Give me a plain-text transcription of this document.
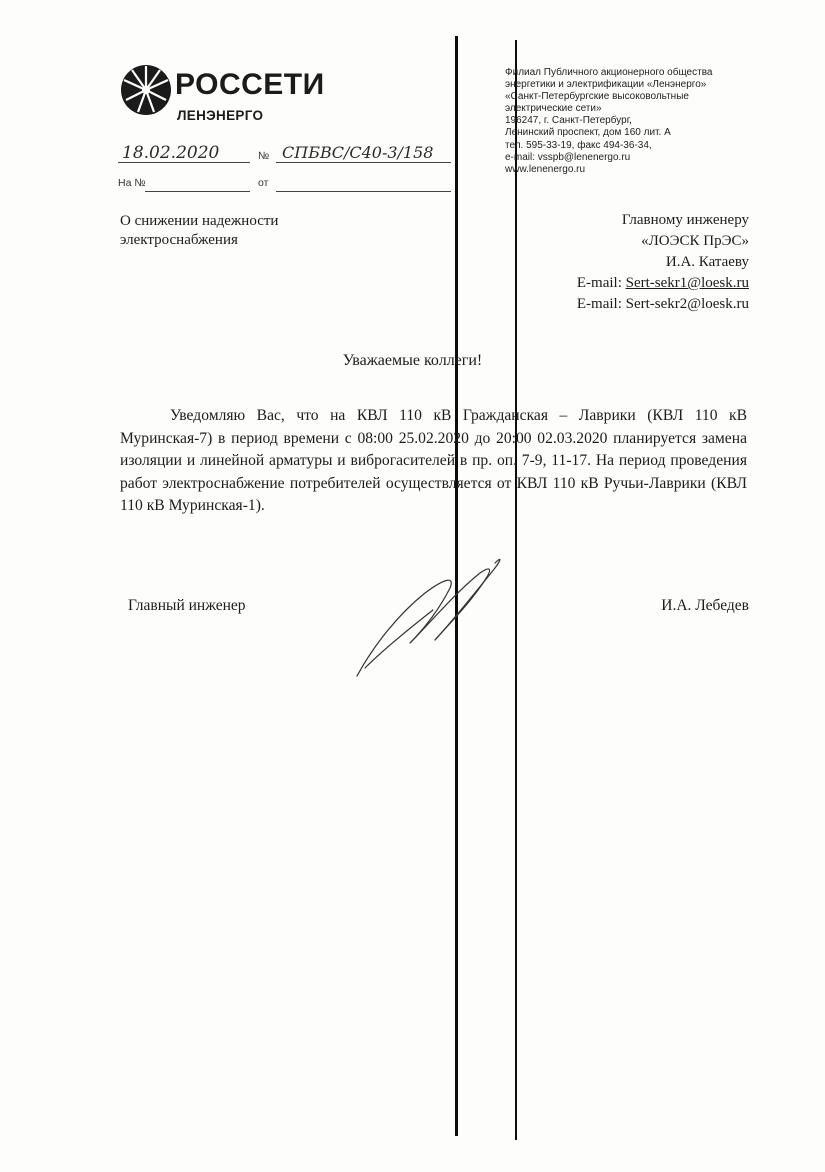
РОССЕТИ
ЛЕНЭНЕРГО
Филиал Публичного акционерного общества
энергетики и электрификации «Ленэнерго»
«Санкт-Петербургские высоковольтные
электрические сети»
196247, г. Санкт-Петербург,
Ленинский проспект, дом 160 лит. А
тел. 595-33-19, факс 494-36-34,
e-mail: vsspb@lenenergo.ru
www.lenenergo.ru
18.02.2020	№ СПБВС/С40-3/158
На №	от
О снижении надежности
электроснабжения
Главному инженеру
«ЛОЭСК ПрЭС»
И.А. Катаеву
E-mail: Sert-sekr1@loesk.ru
E-mail: Sert-sekr2@loesk.ru
Уважаемые коллеги!
Уведомляю Вас, что на КВЛ 110 кВ Гражданская – Лаврики (КВЛ 110 кВ Муринская-7) в период времени с 08:00 25.02.2020 до 20:00 02.03.2020 планируется замена изоляции и линейной арматуры и виброгасителей в пр. оп. 7-9, 11-17. На период проведения работ электроснабжение потребителей осуществляется от КВЛ 110 кВ Ручьи-Лаврики (КВЛ 110 кВ Муринская-1).
Главный инженер	И.А. Лебедев
